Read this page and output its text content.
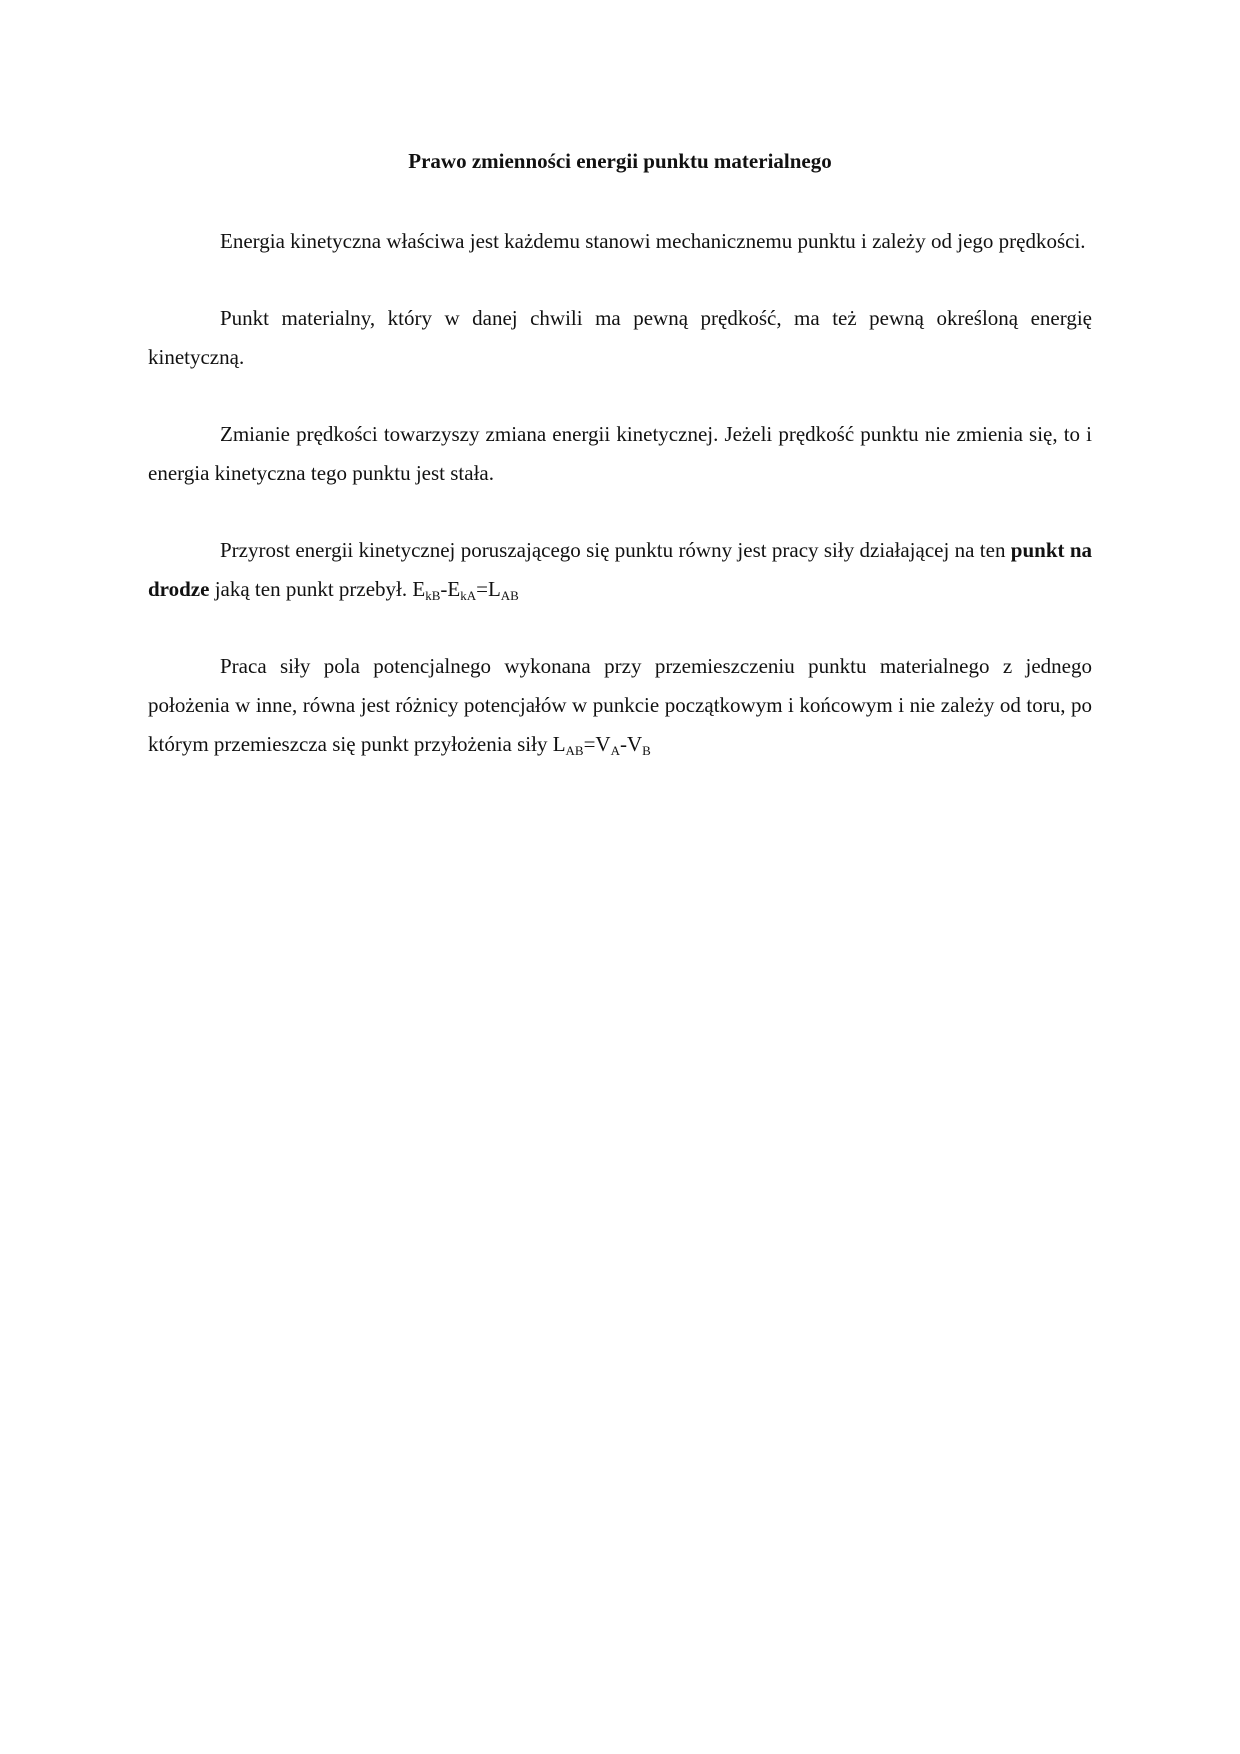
Prawo zmienności energii punktu materialnego

Energia kinetyczna właściwa jest każdemu stanowi mechanicznemu punktu i zależy od jego prędkości.

Punkt materialny, który w danej chwili ma pewną prędkość, ma też pewną określoną energię kinetyczną.

Zmianie prędkości towarzyszy zmiana energii kinetycznej. Jeżeli prędkość punktu nie zmienia się, to i energia kinetyczna tego punktu jest stała.

Przyrost energii kinetycznej poruszającego się punktu równy jest pracy siły działającej na ten punkt na drodze jaką ten punkt przebył. $E_{kB}-E_{kA}=L_{AB}$

Praca siły pola potencjalnego wykonana przy przemieszczeniu punktu materialnego z jednego położenia w inne, równa jest różnicy potencjałów w punkcie początkowym i końcowym i nie zależy od toru, po którym przemieszcza się punkt przyłożenia siły $L_{AB}=V_A-V_B$
